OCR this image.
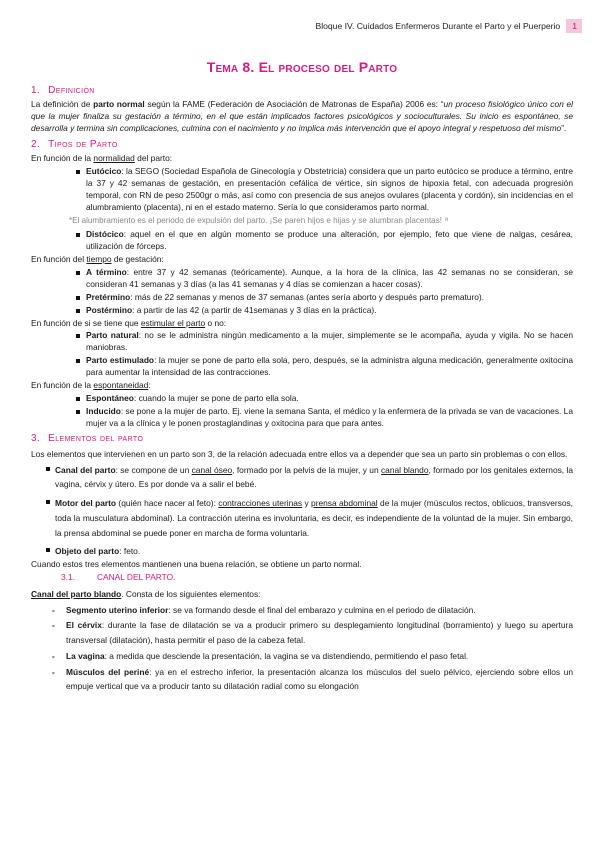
Bloque IV. Cuidados Enfermeros Durante el Parto y el Puerperio	1
Tema 8. El proceso del Parto
1. Definición

La definición de parto normal según la FAME (Federación de Asociación de Matronas de España) 2006 es: “un proceso fisiológico único con el que la mujer finaliza su gestación a término, en el que están implicados factores psicológicos y socioculturales. Su inicio es espontáneo, se desarrolla y termina sin complicaciones, culmina con el nacimiento y no implica más intervención que el apoyo integral y respetuoso del mismo”.

2. Tipos de Parto

En función de la normalidad del parto:

Eutócico: la SEGO (Sociedad Española de Ginecología y Obstetricia) considera que un parto eutócico se produce a término, entre la 37 y 42 semanas de gestación, en presentación cefálica de vértice, sin signos de hipoxia fetal, con adecuada progresión temporal, con RN de peso 2500gr o más, así como con presencia de sus anejos ovulares (placenta y cordón), sin incidencias en el alumbramiento (placenta), ni en el estado materno. Sería lo que consideramos parto normal.

*El alumbramiento es el periodo de expulsión del parto. ¡Se paren hijos e hijas y se alumbran placentas! ª

Distócico: aquel en el que en algún momento se produce una alteración, por ejemplo, feto que viene de nalgas, cesárea, utilización de fórceps.

En función del tiempo de gestación:

A término: entre 37 y 42 semanas (teóricamente). Aunque, a la hora de la clínica, las 42 semanas no se consideran, se consideran 41 semanas y 3 días (a las 41 semanas y 4 días se comienzan a hacer cosas).
Pretérmino: más de 22 semanas y menos de 37 semanas (antes sería aborto y después parto prematuro).
Postérmino: a partir de las 42 (a partir de 41semanas y 3 días en la práctica).

En función de si se tiene que estimular el parto o no:

Parto natural: no se le administra ningún medicamento a la mujer, simplemente se le acompaña, ayuda y vigila. No se hacen maniobras.
Parto estimulado: la mujer se pone de parto ella sola, pero, después, se la administra alguna medicación, generalmente oxitocina para aumentar la intensidad de las contracciones.

En función de la espontaneidad:

Espontáneo: cuando la mujer se pone de parto ella sola.
Inducido: se pone a la mujer de parto. Ej. viene la semana Santa, el médico y la enfermera de la privada se van de vacaciones. La mujer va a la clínica y le ponen prostaglandinas y oxitocina para que para antes.
3. Elementos del parto

Los elementos que intervienen en un parto son 3, de la relación adecuada entre ellos va a depender que sea un parto sin problemas o con ellos.

Canal del parto: se compone de un canal óseo, formado por la pelvis de la mujer, y un canal blando, formado por los genitales externos, la vagina, cérvix y útero. Es por donde va a salir el bebé.
Motor del parto (quién hace nacer al feto): contracciones uterinas y prensa abdominal de la mujer (músculos rectos, oblicuos, transversos, toda la musculatura abdominal). La contracción uterina es involuntaria, es decir, es independiente de la voluntad de la mujer. Sin embargo, la prensa abdominal se puede poner en marcha de forma voluntaria.
Objeto del parto: feto.

Cuando estos tres elementos mantienen una buena relación, se obtiene un parto normal.

3.1.	CANAL DEL PARTO.

Canal del parto blando. Consta de los siguientes elementos:

- Segmento uterino inferior: se va formando desde el final del embarazo y culmina en el periodo de dilatación.
- El cérvix: durante la fase de dilatación se va a producir primero su desplegamiento longitudinal (borramiento) y luego su apertura transversal (dilatación), hasta permitir el paso de la cabeza fetal.
- La vagina: a medida que desciende la presentación, la vagina se va distendiendo, permitiendo el paso fetal.
- Músculos del periné: ya en el estrecho inferior, la presentación alcanza los músculos del suelo pélvico, ejerciendo sobre ellos un empuje vertical que va a producir tanto su dilatación radial como su elongación
